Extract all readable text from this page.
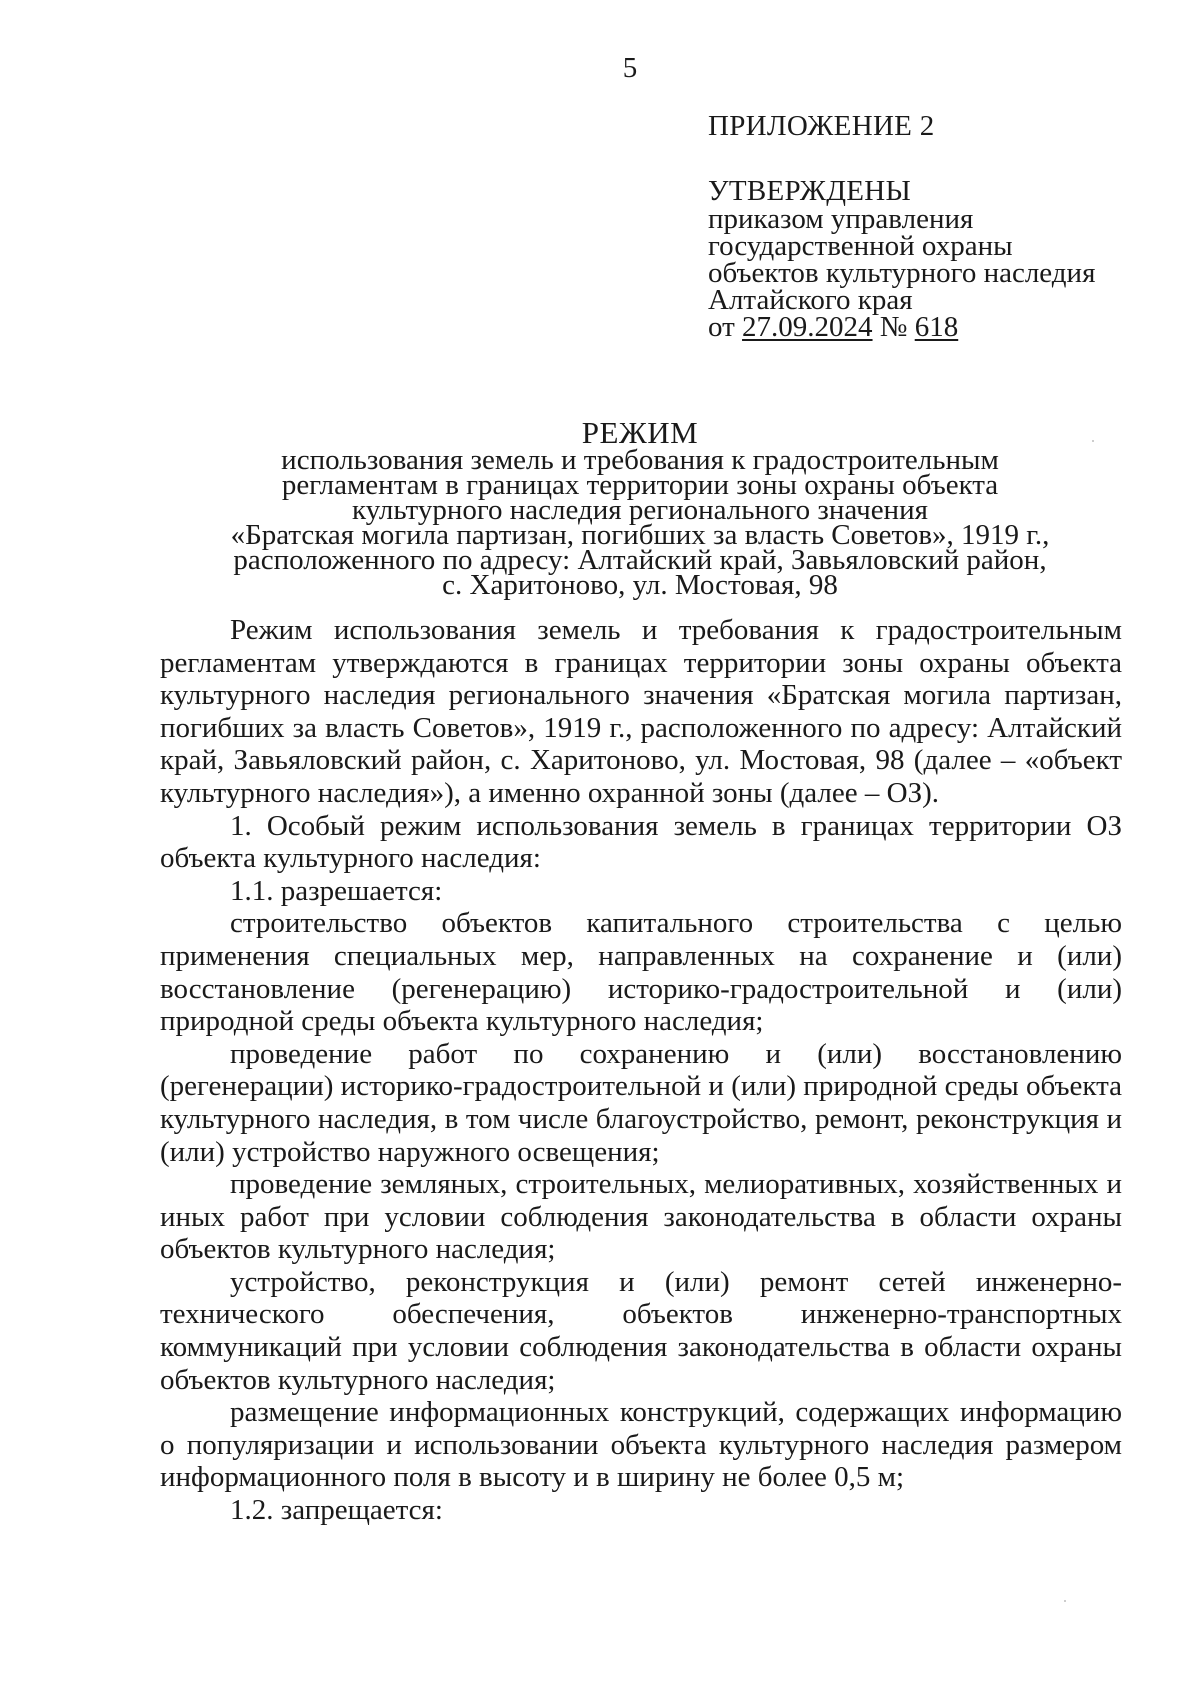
5
ПРИЛОЖЕНИЕ 2
УТВЕРЖДЕНЫ
приказом управления
государственной охраны
объектов культурного наследия
Алтайского края
от 27.09.2024 № 618
РЕЖИМ
использования земель и требования к градостроительным
регламентам в границах территории зоны охраны объекта
культурного наследия регионального значения
«Братская могила партизан, погибших за власть Советов», 1919 г.,
расположенного по адресу: Алтайский край, Завьяловский район,
с. Харитоново, ул. Мостовая, 98

Режим использования земель и требования к градостроительным регламентам утверждаются в границах территории зоны охраны объекта культурного наследия регионального значения «Братская могила партизан, погибших за власть Советов», 1919 г., расположенного по адресу: Алтайский край, Завьяловский район, с. Харитоново, ул. Мостовая, 98 (далее – «объект культурного наследия»), а именно охранной зоны (далее – ОЗ).

1. Особый режим использования земель в границах территории ОЗ объекта культурного наследия:

1.1. разрешается:

строительство объектов капитального строительства с целью применения специальных мер, направленных на сохранение и (или) восстановление (регенерацию) историко-градостроительной и (или) природной среды объекта культурного наследия;

проведение работ по сохранению и (или) восстановлению (регенерации) историко-градостроительной и (или) природной среды объекта культурного наследия, в том числе благоустройство, ремонт, реконструкция и (или) устройство наружного освещения;

проведение земляных, строительных, мелиоративных, хозяйственных и иных работ при условии соблюдения законодательства в области охраны объектов культурного наследия;

устройство, реконструкция и (или) ремонт сетей инженерно-технического обеспечения, объектов инженерно-транспортных коммуникаций при условии соблюдения законодательства в области охраны объектов культурного наследия;

размещение информационных конструкций, содержащих информацию о популяризации и использовании объекта культурного наследия размером информационного поля в высоту и в ширину не более 0,5 м;

1.2. запрещается:
